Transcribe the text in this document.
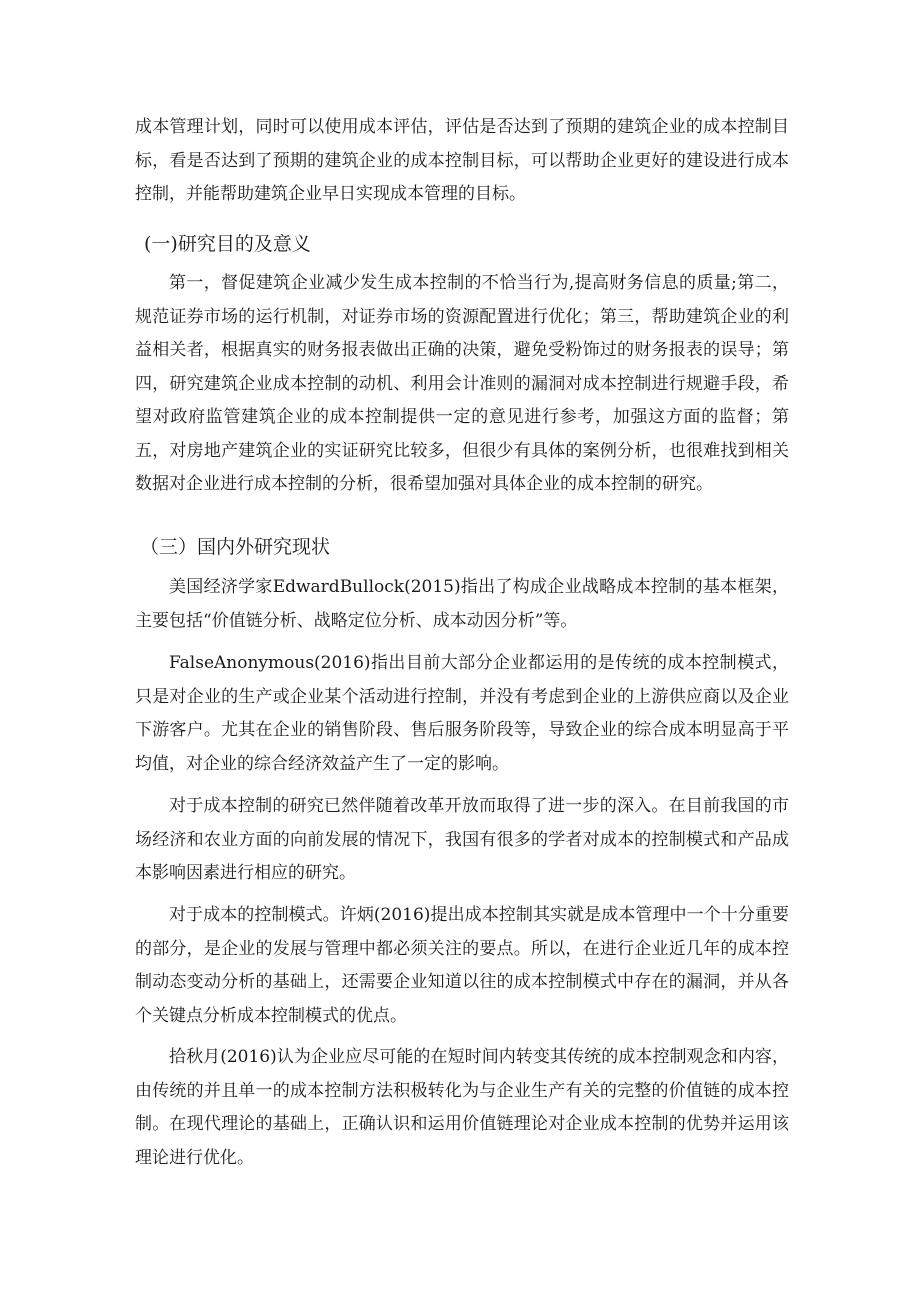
成本管理计划，同时可以使用成本评估，评估是否达到了预期的建筑企业的成本控制目标，看是否达到了预期的建筑企业的成本控制目标，可以帮助企业更好的建设进行成本控制，并能帮助建筑企业早日实现成本管理的目标。

(一)研究目的及意义

第一，督促建筑企业减少发生成本控制的不恰当行为,提高财务信息的质量;第二，规范证券市场的运行机制，对证券市场的资源配置进行优化；第三，帮助建筑企业的利益相关者，根据真实的财务报表做出正确的决策，避免受粉饰过的财务报表的误导；第四，研究建筑企业成本控制的动机、利用会计准则的漏洞对成本控制进行规避手段，希望对政府监管建筑企业的成本控制提供一定的意见进行参考，加强这方面的监督；第五，对房地产建筑企业的实证研究比较多，但很少有具体的案例分析，也很难找到相关数据对企业进行成本控制的分析，很希望加强对具体企业的成本控制的研究。

（三）国内外研究现状

美国经济学家EdwardBullock(2015)指出了构成企业战略成本控制的基本框架，主要包括“价值链分析、战略定位分析、成本动因分析”等。

FalseAnonymous(2016)指出目前大部分企业都运用的是传统的成本控制模式，只是对企业的生产或企业某个活动进行控制，并没有考虑到企业的上游供应商以及企业下游客户。尤其在企业的销售阶段、售后服务阶段等，导致企业的综合成本明显高于平均值，对企业的综合经济效益产生了一定的影响。

对于成本控制的研究已然伴随着改革开放而取得了进一步的深入。在目前我国的市场经济和农业方面的向前发展的情况下，我国有很多的学者对成本的控制模式和产品成本影响因素进行相应的研究。

对于成本的控制模式。许炳(2016)提出成本控制其实就是成本管理中一个十分重要的部分，是企业的发展与管理中都必须关注的要点。所以，在进行企业近几年的成本控制动态变动分析的基础上，还需要企业知道以往的成本控制模式中存在的漏洞，并从各个关键点分析成本控制模式的优点。

拾秋月(2016)认为企业应尽可能的在短时间内转变其传统的成本控制观念和内容，由传统的并且单一的成本控制方法积极转化为与企业生产有关的完整的价值链的成本控制。在现代理论的基础上，正确认识和运用价值链理论对企业成本控制的优势并运用该理论进行优化。
